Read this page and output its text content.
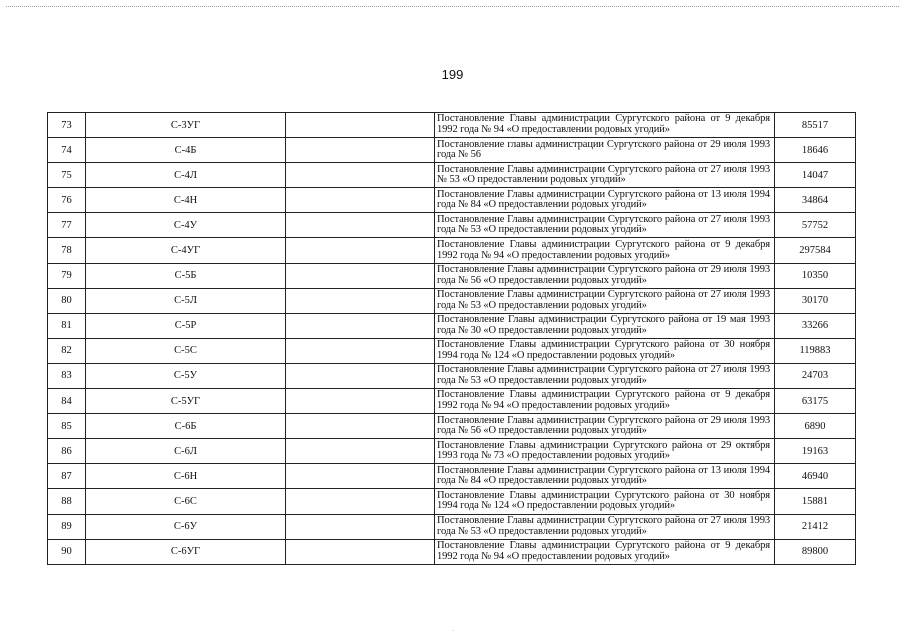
199
73	С-3УГ		Постановление Главы администрации Сургутского района от 9 декабря 1992 года № 94 «О предоставлении родовых угодий»	85517
74	С-4Б		Постановление главы администрации Сургутского района от 29 июля 1993 года № 56	18646
75	С-4Л		Постановление Главы администрации Сургутского района от 27 июля 1993 № 53 «О предоставлении родовых угодий»	14047
76	С-4Н		Постановление Главы администрации Сургутского района от 13 июля 1994 года № 84 «О предоставлении родовых угодий»	34864
77	С-4У		Постановление Главы администрации Сургутского района от 27 июля 1993 года № 53 «О предоставлении родовых угодий»	57752
78	С-4УГ		Постановление Главы администрации Сургутского района от 9 декабря 1992 года № 94 «О предоставлении родовых угодий»	297584
79	С-5Б		Постановление Главы администрации Сургутского района от 29 июля 1993 года № 56 «О предоставлении родовых угодий»	10350
80	С-5Л		Постановление Главы администрации Сургутского района от 27 июля 1993 года № 53 «О предоставлении родовых угодий»	30170
81	С-5Р		Постановление Главы администрации Сургутского района от 19 мая 1993 года № 30 «О предоставлении родовых угодий»	33266
82	С-5С		Постановление Главы администрации Сургутского района от 30 ноября 1994 года № 124 «О предоставлении родовых угодий»	119883
83	С-5У		Постановление Главы администрации Сургутского района от 27 июля 1993 года № 53 «О предоставлении родовых угодий»	24703
84	С-5УГ		Постановление Главы администрации Сургутского района от 9 декабря 1992 года № 94 «О предоставлении родовых угодий»	63175
85	С-6Б		Постановление Главы администрации Сургутского района от 29 июля 1993 года № 56 «О предоставлении родовых угодий»	6890
86	С-6Л		Постановление Главы администрации Сургутского района от 29 октября 1993 года № 73 «О предоставлении родовых угодий»	19163
87	С-6Н		Постановление Главы администрации Сургутского района от 13 июля 1994 года № 84 «О предоставлении родовых угодий»	46940
88	С-6С		Постановление Главы администрации Сургутского района от 30 ноября 1994 года № 124 «О предоставлении родовых угодий»	15881
89	С-6У		Постановление Главы администрации Сургутского района от 27 июля 1993 года № 53 «О предоставлении родовых угодий»	21412
90	С-6УГ		Постановление Главы администрации Сургутского района от 9 декабря 1992 года № 94 «О предоставлении родовых угодий»	89800
·
